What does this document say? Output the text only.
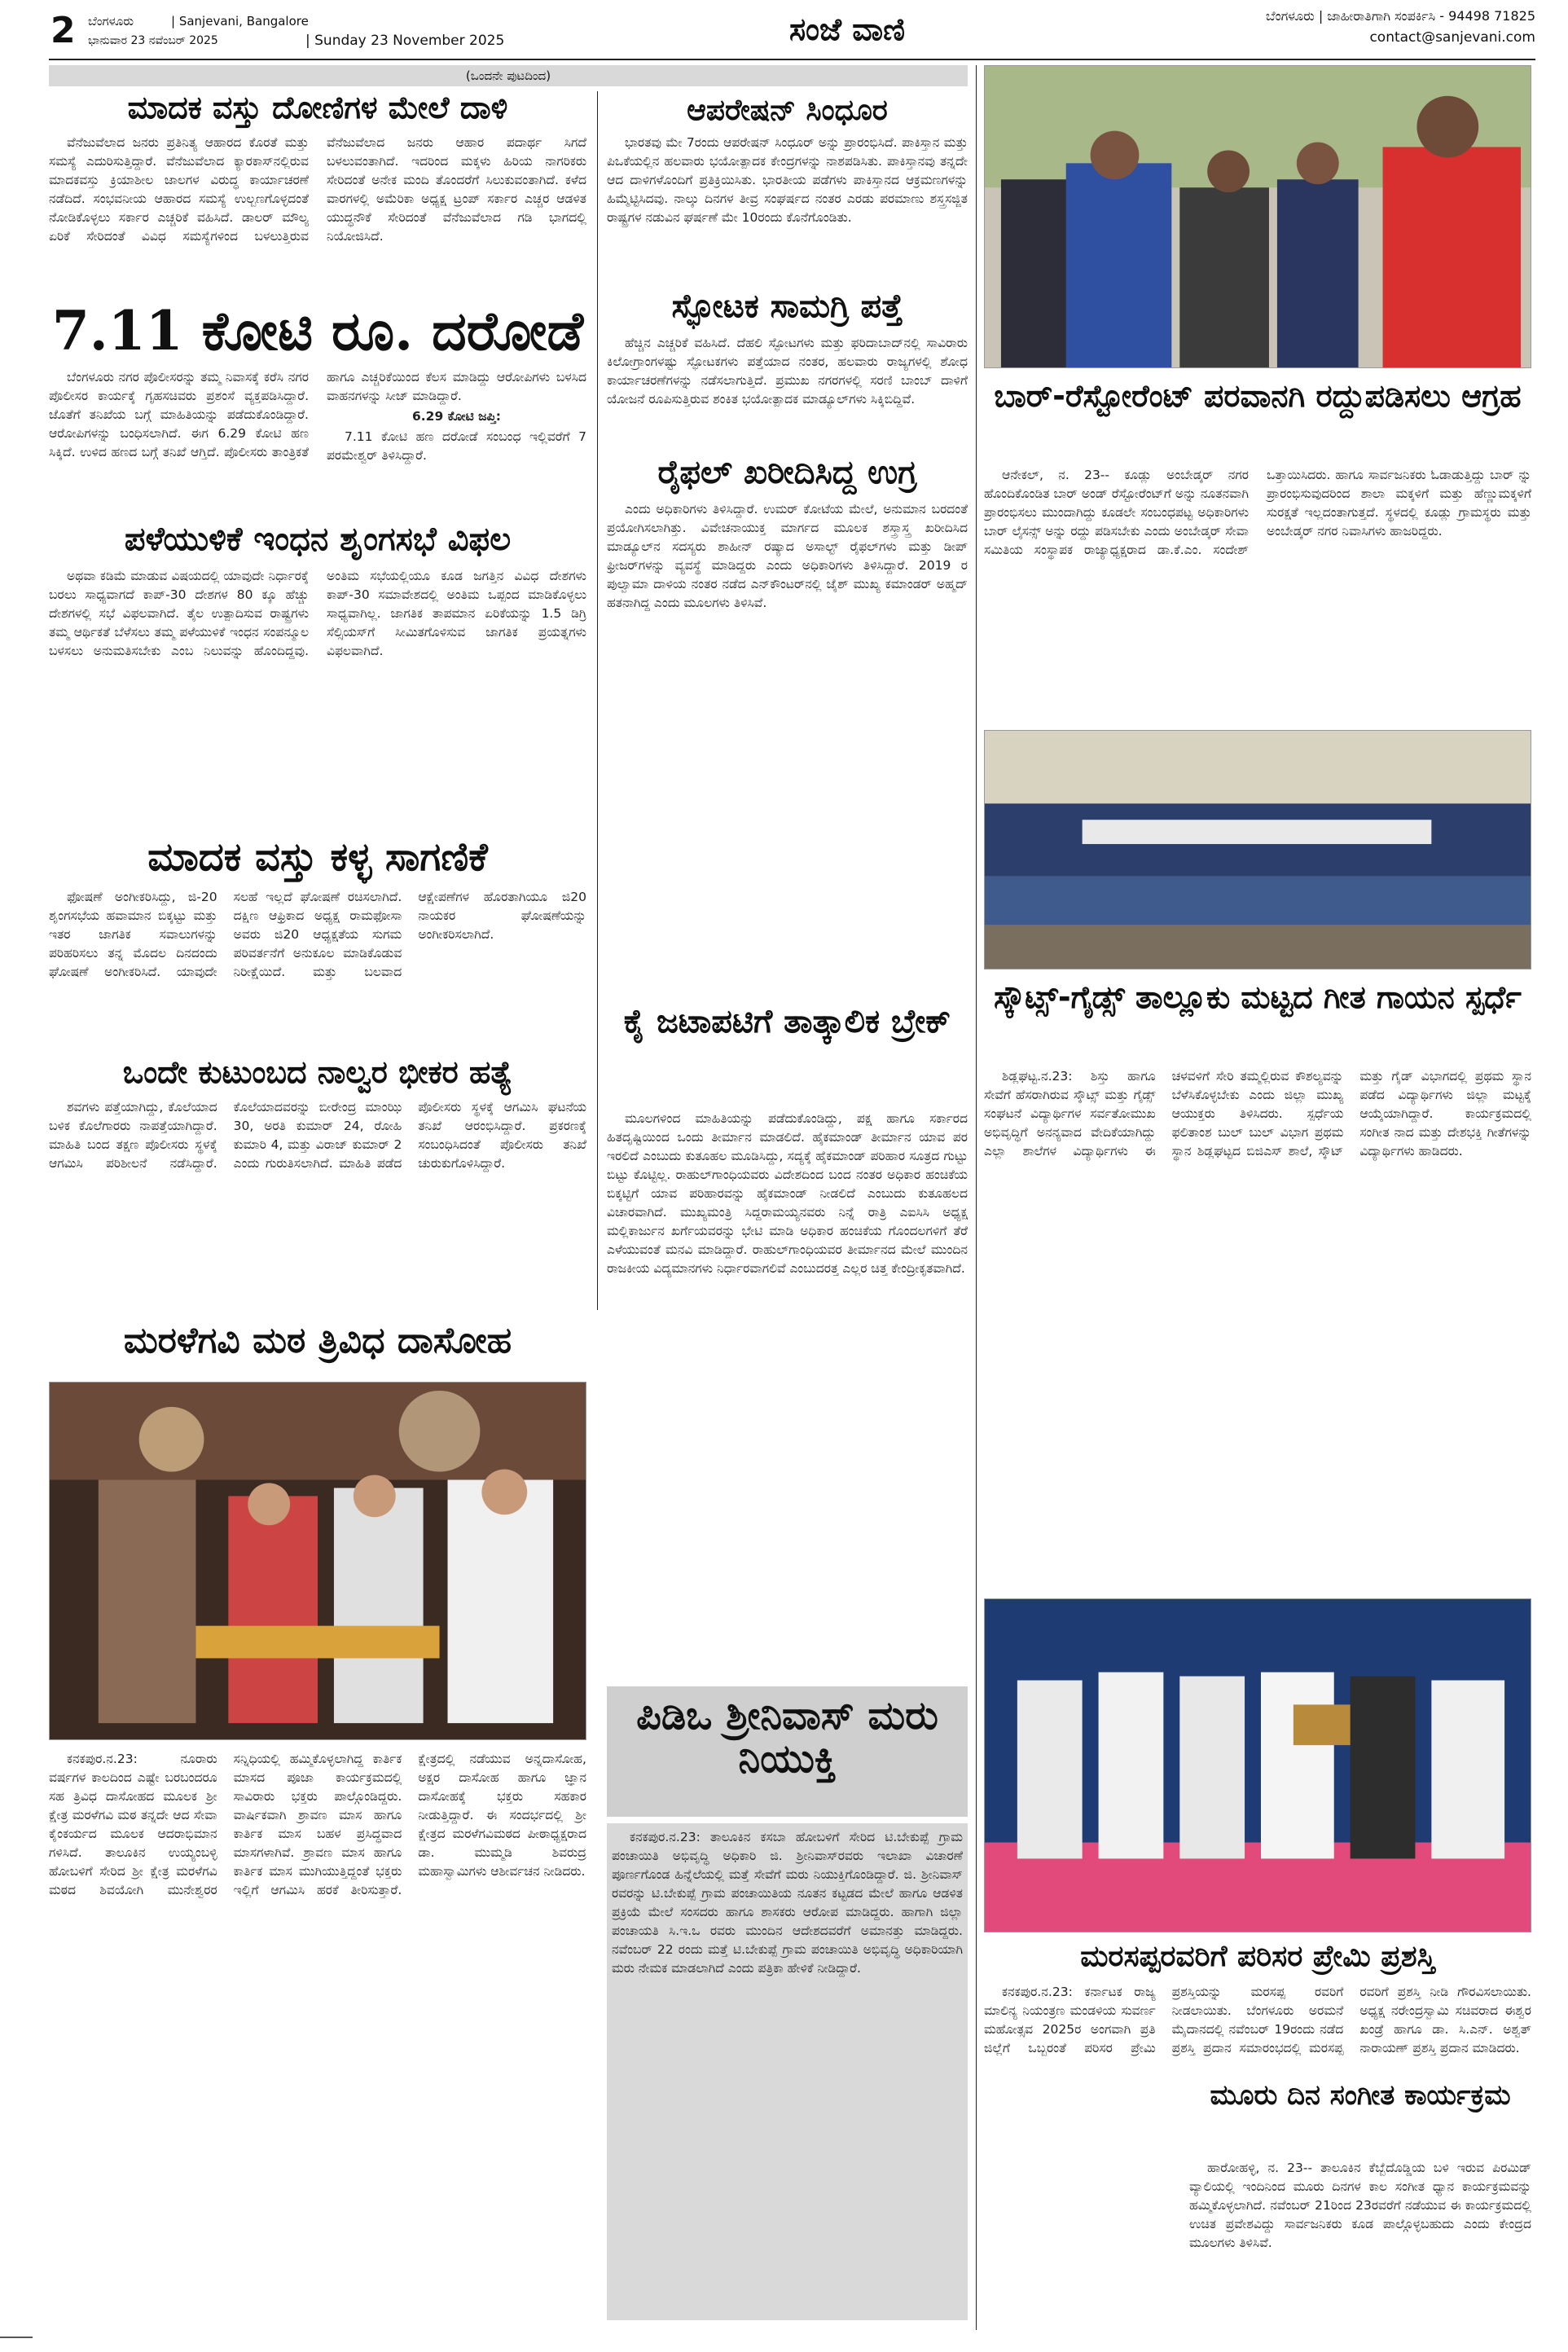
2 ಬೆಂಗಳೂರು	| Sanjevani, Bangalore
ಭಾನುವಾರ 23 ನವೆಂಬರ್ 2025	| Sunday 23 November 2025	ಸಂಜೆ ವಾಣಿ	ಬೆಂಗಳೂರು | ಜಾಹೀರಾತಿಗಾಗಿ ಸಂಪರ್ಕಿಸಿ - 94498 71825
contact@sanjevani.com
(ಒಂದನೇ ಪುಟದಿಂದ)
ಮಾದಕ ವಸ್ತು ದೋಣಿಗಳ ಮೇಲೆ ದಾಳಿ

ವೆನೆಜುವೆಲಾದ ಜನರು ಪ್ರತಿನಿತ್ಯ ಆಹಾರದ ಕೊರತೆ ಮತ್ತು ಸಮಸ್ಯೆ ಎದುರಿಸುತ್ತಿದ್ದಾರೆ. ವೆನೆಜುವೆಲಾದ ಕ್ಯಾರಕಾಸ್‌ನಲ್ಲಿರುವ ಮಾದಕವಸ್ತು ಕ್ರಿಯಾಶೀಲ ಜಾಲಗಳ ವಿರುದ್ಧ ಕಾರ್ಯಾಚರಣೆ ನಡೆದಿದೆ. ಸಂಭವನೀಯ ಆಹಾರದ ಸಮಸ್ಯೆ ಉಲ್ಬಣಗೊಳ್ಳದಂತೆ ನೋಡಿಕೊಳ್ಳಲು ಸರ್ಕಾರ ಎಚ್ಚರಿಕೆ ವಹಿಸಿದೆ. ಡಾಲರ್ ಮೌಲ್ಯ ಏರಿಕೆ ಸೇರಿದಂತೆ ವಿವಿಧ ಸಮಸ್ಯೆಗಳಿಂದ ಬಳಲುತ್ತಿರುವ ವೆನೆಜುವೆಲಾದ ಜನರು ಆಹಾರ ಪದಾರ್ಥ ಸಿಗದೆ ಬಳಲುವಂತಾಗಿದೆ. ಇದರಿಂದ ಮಕ್ಕಳು ಹಿರಿಯ ನಾಗರಿಕರು ಸೇರಿದಂತೆ ಅನೇಕ ಮಂದಿ ತೊಂದರೆಗೆ ಸಿಲುಕುವಂತಾಗಿದೆ. ಕಳೆದ ವಾರಗಳಲ್ಲಿ ಅಮೆರಿಕಾ ಅಧ್ಯಕ್ಷ ಟ್ರಂಪ್ ಸರ್ಕಾರ ಎಚ್ಚರ ಆಡಳಿತ ಯುದ್ಧನೌಕೆ ಸೇರಿದಂತೆ ವೆನೆಜುವೆಲಾದ ಗಡಿ ಭಾಗದಲ್ಲಿ ನಿಯೋಜಿಸಿದೆ.

7.11 ಕೋಟಿ ರೂ. ದರೋಡೆ

ಬೆಂಗಳೂರು ನಗರ ಪೊಲೀಸರನ್ನು ತಮ್ಮ ನಿವಾಸಕ್ಕೆ ಕರೆಸಿ ನಗರ ಪೊಲೀಸರ ಕಾರ್ಯಕ್ಕೆ ಗೃಹಸಚಿವರು ಪ್ರಶಂಸೆ ವ್ಯಕ್ತಪಡಿಸಿದ್ದಾರೆ. ಜೊತೆಗೆ ತನಿಖೆಯ ಬಗ್ಗೆ ಮಾಹಿತಿಯನ್ನು ಪಡೆದುಕೊಂಡಿದ್ದಾರೆ. ಆರೋಪಿಗಳನ್ನು ಬಂಧಿಸಲಾಗಿದೆ. ಈಗ 6.29 ಕೋಟಿ ಹಣ ಸಿಕ್ಕಿದೆ. ಉಳಿದ ಹಣದ ಬಗ್ಗೆ ತನಿಖೆ ಆಗ್ತಿದೆ. ಪೊಲೀಸರು ತಾಂತ್ರಿಕತೆ ಹಾಗೂ ಎಚ್ಚರಿಕೆಯಿಂದ ಕೆಲಸ ಮಾಡಿದ್ದು ಆರೋಪಿಗಳು ಬಳಸಿದ ವಾಹನಗಳನ್ನು ಸೀಜ್ ಮಾಡಿದ್ದಾರೆ.

6.29 ಕೋಟಿ ಜಪ್ತಿ:

7.11 ಕೋಟಿ ಹಣ ದರೋಡೆ ಸಂಬಂಧ ಇಲ್ಲಿವರೆಗೆ 7 ಪರಮೇಶ್ವರ್ ತಿಳಿಸಿದ್ದಾರೆ.

ಪಳೆಯುಳಿಕೆ ಇಂಧನ ಶೃಂಗಸಭೆ ವಿಫಲ

ಅಥವಾ ಕಡಿಮೆ ಮಾಡುವ ವಿಷಯದಲ್ಲಿ ಯಾವುದೇ ನಿರ್ಧಾರಕ್ಕೆ ಬರಲು ಸಾಧ್ಯವಾಗದೆ ಕಾಪ್-30 ದೇಶಗಳ 80 ಕ್ಕೂ ಹೆಚ್ಚು ದೇಶಗಳಲ್ಲಿ ಸಭೆ ವಿಫಲವಾಗಿದೆ. ತೈಲ ಉತ್ಪಾದಿಸುವ ರಾಷ್ಟ್ರಗಳು ತಮ್ಮ ಆರ್ಥಿಕತೆ ಬೆಳೆಸಲು ತಮ್ಮ ಪಳೆಯುಳಿಕೆ ಇಂಧನ ಸಂಪನ್ಮೂಲ ಬಳಸಲು ಅನುಮತಿಸಬೇಕು ಎಂಬ ನಿಲುವನ್ನು ಹೊಂದಿದ್ದವು. ಅಂತಿಮ ಸಭೆಯಲ್ಲಿಯೂ ಕೂಡ ಜಗತ್ತಿನ ವಿವಿಧ ದೇಶಗಳು ಕಾಪ್-30 ಸಮಾವೇಶದಲ್ಲಿ ಅಂತಿಮ ಒಪ್ಪಂದ ಮಾಡಿಕೊಳ್ಳಲು ಸಾಧ್ಯವಾಗಿಲ್ಲ. ಜಾಗತಿಕ ತಾಪಮಾನ ಏರಿಕೆಯನ್ನು 1.5 ಡಿಗ್ರಿ ಸೆಲ್ಸಿಯಸ್‌ಗೆ ಸೀಮಿತಗೊಳಿಸುವ ಜಾಗತಿಕ ಪ್ರಯತ್ನಗಳು ವಿಫಲವಾಗಿದೆ.

ಮಾದಕ ವಸ್ತು ಕಳ್ಳ ಸಾಗಣಿಕೆ

ಫೋಷಣೆ ಅಂಗೀಕರಿಸಿದ್ದು, ಜಿ-20 ಶೃಂಗಸಭೆಯ ಹವಾಮಾನ ಬಿಕ್ಕಟ್ಟು ಮತ್ತು ಇತರ ಜಾಗತಿಕ ಸವಾಲುಗಳನ್ನು ಪರಿಹರಿಸಲು ತನ್ನ ಮೊದಲ ದಿನದಂದು ಘೋಷಣೆ ಅಂಗೀಕರಿಸಿದೆ. ಯಾವುದೇ ಸಲಹೆ ಇಲ್ಲದೆ ಘೋಷಣೆ ರಚಿಸಲಾಗಿದೆ. ದಕ್ಷಿಣ ಆಫ್ರಿಕಾದ ಅಧ್ಯಕ್ಷ ರಾಮಫೋಸಾ ಅವರು ಜಿ20 ಆಧ್ಯಕ್ಷತೆಯ ಸುಗಮ ಪರಿವರ್ತನೆಗೆ ಅನುಕೂಲ ಮಾಡಿಕೊಡುವ ನಿರೀಕ್ಷೆಯಿದೆ. ಮತ್ತು ಬಲವಾದ ಆಕ್ಷೇಪಣೆಗಳ ಹೊರತಾಗಿಯೂ ಜಿ20 ನಾಯಕರ ಘೋಷಣೆಯನ್ನು ಅಂಗೀಕರಿಸಲಾಗಿದೆ.

ಒಂದೇ ಕುಟುಂಬದ ನಾಲ್ವರ ಭೀಕರ ಹತ್ಯೆ

ಶವಗಳು ಪತ್ತೆಯಾಗಿದ್ದು, ಕೊಲೆಯಾದ ಬಳಿಕ ಕೊಲೆಗಾರರು ನಾಪತ್ತೆಯಾಗಿದ್ದಾರೆ. ಮಾಹಿತಿ ಬಂದ ತಕ್ಷಣ ಪೊಲೀಸರು ಸ್ಥಳಕ್ಕೆ ಆಗಮಿಸಿ ಪರಿಶೀಲನೆ ನಡೆಸಿದ್ದಾರೆ. ಕೊಲೆಯಾದವರನ್ನು ಬೀರೇಂದ್ರ ಮಾಂಝಿ 30, ಅರತಿ ಕುಮಾರ್ 24, ರೋಹಿ ಕುಮಾರಿ 4, ಮತ್ತು ವಿರಾಜ್ ಕುಮಾರ್ 2 ಎಂದು ಗುರುತಿಸಲಾಗಿದೆ. ಮಾಹಿತಿ ಪಡೆದ ಪೊಲೀಸರು ಸ್ಥಳಕ್ಕೆ ಆಗಮಿಸಿ ಘಟನೆಯ ತನಿಖೆ ಆರಂಭಿಸಿದ್ದಾರೆ. ಪ್ರಕರಣಕ್ಕೆ ಸಂಬಂಧಿಸಿದಂತೆ ಪೊಲೀಸರು ತನಿಖೆ ಚುರುಕುಗೊಳಿಸಿದ್ದಾರೆ.

ಆಪರೇಷನ್ ಸಿಂಧೂರ

ಭಾರತವು ಮೇ 7ರಂದು ಆಪರೇಷನ್ ಸಿಂಧೂರ್ ಅನ್ನು ಪ್ರಾರಂಭಿಸಿದೆ. ಪಾಕಿಸ್ತಾನ ಮತ್ತು ಪಿಒಕೆಯಲ್ಲಿನ ಹಲವಾರು ಭಯೋತ್ಪಾದಕ ಕೇಂದ್ರಗಳನ್ನು ನಾಶಪಡಿಸಿತು. ಪಾಕಿಸ್ತಾನವು ತನ್ನದೇ ಆದ ದಾಳಿಗಳೊಂದಿಗೆ ಪ್ರತಿಕ್ರಿಯಿಸಿತು. ಭಾರತೀಯ ಪಡೆಗಳು ಪಾಕಿಸ್ತಾನದ ಆಕ್ರಮಣಗಳನ್ನು ಹಿಮ್ಮೆಟ್ಟಿಸಿದವು. ನಾಲ್ಕು ದಿನಗಳ ತೀವ್ರ ಸಂಘರ್ಷದ ನಂತರ ಎರಡು ಪರಮಾಣು ಶಸ್ತ್ರಸಜ್ಜಿತ ರಾಷ್ಟ್ರಗಳ ನಡುವಿನ ಘರ್ಷಣೆ ಮೇ 10ರಂದು ಕೊನೆಗೊಂಡಿತು.

ಸ್ಫೋಟಕ ಸಾಮಗ್ರಿ ಪತ್ತೆ

ಹೆಚ್ಚಿನ ಎಚ್ಚರಿಕೆ ವಹಿಸಿದೆ. ದೆಹಲಿ ಸ್ಫೋಟಗಳು ಮತ್ತು ಫರಿದಾಬಾದ್‌ನಲ್ಲಿ ಸಾವಿರಾರು ಕಿಲೋಗ್ರಾಂಗಳಷ್ಟು ಸ್ಫೋಟಕಗಳು ಪತ್ತೆಯಾದ ನಂತರ, ಹಲವಾರು ರಾಜ್ಯಗಳಲ್ಲಿ ಶೋಧ ಕಾರ್ಯಾಚರಣೆಗಳನ್ನು ನಡೆಸಲಾಗುತ್ತಿದೆ. ಪ್ರಮುಖ ನಗರಗಳಲ್ಲಿ ಸರಣಿ ಬಾಂಬ್ ದಾಳಿಗೆ ಯೋಜನೆ ರೂಪಿಸುತ್ತಿರುವ ಶಂಕಿತ ಭಯೋತ್ಪಾದಕ ಮಾಡ್ಯೂಲ್‌ಗಳು ಸಿಕ್ಕಿಬಿದ್ದಿವೆ.

ರೈಫಲ್ ಖರೀದಿಸಿದ್ದ ಉಗ್ರ

ಎಂದು ಅಧಿಕಾರಿಗಳು ತಿಳಿಸಿದ್ದಾರೆ. ಉಮರ್ ಕೋಟೆಯ ಮೇಲೆ, ಅನುಮಾನ ಬರದಂತೆ ಪ್ರಯೋಗಿಸಲಾಗಿತ್ತು. ವಿವೇಚನಾಯುಕ್ತ ಮಾರ್ಗದ ಮೂಲಕ ಶಸ್ತ್ರಾಸ್ತ್ರ ಖರೀದಿಸಿದ ಮಾಡ್ಯೂಲ್‌ನ ಸದಸ್ಯರು ಶಾಹೀನ್ ರಷ್ಯಾದ ಅಸಾಲ್ಟ್ ರೈಫಲ್‌ಗಳು ಮತ್ತು ಡೀಪ್ ಫ್ರೀಜರ್‌ಗಳನ್ನು ವ್ಯವಸ್ಥೆ ಮಾಡಿದ್ದರು ಎಂದು ಅಧಿಕಾರಿಗಳು ತಿಳಿಸಿದ್ದಾರೆ. 2019 ರ ಪುಲ್ವಾಮಾ ದಾಳಿಯ ನಂತರ ನಡೆದ ಎನ್‌ಕೌಂಟರ್‌ನಲ್ಲಿ ಜೈಶ್ ಮುಖ್ಯ ಕಮಾಂಡರ್ ಅಹ್ಮದ್ ಹತನಾಗಿದ್ದ ಎಂದು ಮೂಲಗಳು ತಿಳಿಸಿವೆ.

ಕೈ ಜಟಾಪಟಿಗೆ ತಾತ್ಕಾಲಿಕ ಬ್ರೇಕ್

ಮೂಲಗಳಿಂದ ಮಾಹಿತಿಯನ್ನು ಪಡೆದುಕೊಂಡಿದ್ದು, ಪಕ್ಷ ಹಾಗೂ ಸರ್ಕಾರದ ಹಿತದೃಷ್ಟಿಯಿಂದ ಒಂದು ತೀರ್ಮಾನ ಮಾಡಲಿದೆ. ಹೈಕಮಾಂಡ್ ತೀರ್ಮಾನ ಯಾವ ಪರ ಇರಲಿದೆ ಎಂಬುದು ಕುತೂಹಲ ಮೂಡಿಸಿದ್ದು, ಸದ್ಯಕ್ಕೆ ಹೈಕಮಾಂಡ್ ಪರಿಹಾರ ಸೂತ್ರದ ಗುಟ್ಟು ಬಿಟ್ಟು ಕೊಟ್ಟಿಲ್ಲ. ರಾಹುಲ್‌ಗಾಂಧಿಯವರು ವಿದೇಶದಿಂದ ಬಂದ ನಂತರ ಅಧಿಕಾರ ಹಂಚಿಕೆಯ ಬಿಕ್ಕಟ್ಟಿಗೆ ಯಾವ ಪರಿಹಾರವನ್ನು ಹೈಕಮಾಂಡ್ ನೀಡಲಿದೆ ಎಂಬುದು ಕುತೂಹಲದ ವಿಚಾರವಾಗಿದೆ. ಮುಖ್ಯಮಂತ್ರಿ ಸಿದ್ದರಾಮಯ್ಯನವರು ನಿನ್ನೆ ರಾತ್ರಿ ಎಐಸಿಸಿ ಅಧ್ಯಕ್ಷ ಮಲ್ಲಿಕಾರ್ಜುನ ಖರ್ಗೆಯವರನ್ನು ಭೇಟಿ ಮಾಡಿ ಅಧಿಕಾರ ಹಂಚಿಕೆಯ ಗೊಂದಲಗಳಿಗೆ ತೆರೆ ಎಳೆಯುವಂತೆ ಮನವಿ ಮಾಡಿದ್ದಾರೆ. ರಾಹುಲ್‌ಗಾಂಧಿಯವರ ತೀರ್ಮಾನದ ಮೇಲೆ ಮುಂದಿನ ರಾಜಕೀಯ ವಿದ್ಯಮಾನಗಳು ನಿರ್ಧಾರವಾಗಲಿವೆ ಎಂಬುದರತ್ತ ಎಲ್ಲರ ಚಿತ್ತ ಕೇಂದ್ರೀಕೃತವಾಗಿದೆ.

ಮರಳೆಗವಿ ಮಠ ತ್ರಿವಿಧ ದಾಸೋಹ

ಕನಕಪುರ.ನ.23: ನೂರಾರು ವರ್ಷಗಳ ಕಾಲದಿಂದ ಎಷ್ಟೇ ಬರಬಂದರೂ ಸಹ ತ್ರಿವಿಧ ದಾಸೋಹದ ಮೂಲಕ ಶ್ರೀ ಕ್ಷೇತ್ರ ಮರಳೆಗವಿ ಮಠ ತನ್ನದೇ ಆದ ಸೇವಾ ಕೈಂಕರ್ಯದ ಮೂಲಕ ಆದರಾಭಿಮಾನ ಗಳಿಸಿದೆ. ತಾಲೂಕಿನ ಉಯ್ಯಂಬಳ್ಳಿ ಹೋಬಳಿಗೆ ಸೇರಿದ ಶ್ರೀ ಕ್ಷೇತ್ರ ಮರಳೆಗವಿ ಮಠದ ಶಿವಯೋಗಿ ಮುನೇಶ್ವರರ ಸನ್ನಿಧಿಯಲ್ಲಿ ಹಮ್ಮಿಕೊಳ್ಳಲಾಗಿದ್ದ ಕಾರ್ತಿಕ ಮಾಸದ ಪೂಜಾ ಕಾರ್ಯಕ್ರಮದಲ್ಲಿ ಸಾವಿರಾರು ಭಕ್ತರು ಪಾಲ್ಗೊಂಡಿದ್ದರು. ವಾರ್ಷಿಕವಾಗಿ ಶ್ರಾವಣ ಮಾಸ ಹಾಗೂ ಕಾರ್ತಿಕ ಮಾಸ ಬಹಳ ಪ್ರಸಿದ್ಧವಾದ ಮಾಸಗಳಾಗಿವೆ. ಶ್ರಾವಣ ಮಾಸ ಹಾಗೂ ಕಾರ್ತಿಕ ಮಾಸ ಮುಗಿಯುತ್ತಿದ್ದಂತೆ ಭಕ್ತರು ಇಲ್ಲಿಗೆ ಆಗಮಿಸಿ ಹರಕೆ ತೀರಿಸುತ್ತಾರೆ. ಕ್ಷೇತ್ರದಲ್ಲಿ ನಡೆಯುವ ಅನ್ನದಾಸೋಹ, ಅಕ್ಷರ ದಾಸೋಹ ಹಾಗೂ ಜ್ಞಾನ ದಾಸೋಹಕ್ಕೆ ಭಕ್ತರು ಸಹಕಾರ ನೀಡುತ್ತಿದ್ದಾರೆ. ಈ ಸಂದರ್ಭದಲ್ಲಿ ಶ್ರೀ ಕ್ಷೇತ್ರದ ಮರಳೆಗವಿಮಠದ ಪೀಠಾಧ್ಯಕ್ಷರಾದ ಡಾ. ಮುಮ್ಮಡಿ ಶಿವರುದ್ರ ಮಹಾಸ್ವಾಮಿಗಳು ಆಶೀರ್ವಚನ ನೀಡಿದರು.

ಪಿಡಿಒ ಶ್ರೀನಿವಾಸ್ ಮರು ನಿಯುಕ್ತಿ

ಕನಕಪುರ.ನ.23: ತಾಲೂಕಿನ ಕಸಬಾ ಹೋಬಳಿಗೆ ಸೇರಿದ ಟಿ.ಬೇಕುಪ್ಪೆ ಗ್ರಾಮ ಪಂಚಾಯಿತಿ ಅಭಿವೃದ್ಧಿ ಅಧಿಕಾರಿ ಜಿ. ಶ್ರೀನಿವಾಸ್‌ರವರು ಇಲಾಖಾ ವಿಚಾರಣೆ ಪೂರ್ಣಗೊಂಡ ಹಿನ್ನೆಲೆಯಲ್ಲಿ ಮತ್ತೆ ಸೇವೆಗೆ ಮರು ನಿಯುಕ್ತಿಗೊಂಡಿದ್ದಾರೆ. ಜಿ. ಶ್ರೀನಿವಾಸ್ ರವರನ್ನು ಟಿ.ಬೇಕುಪ್ಪೆ ಗ್ರಾಮ ಪಂಚಾಯಿತಿಯ ನೂತನ ಕಟ್ಟಡದ ಮೇಲೆ ಹಾಗೂ ಆಡಳಿತ ಪ್ರಕ್ರಿಯೆ ಮೇಲೆ ಸಂಸದರು ಹಾಗೂ ಶಾಸಕರು ಆರೋಪ ಮಾಡಿದ್ದರು. ಹಾಗಾಗಿ ಜಿಲ್ಲಾ ಪಂಚಾಯತಿ ಸಿ.ಇ.ಒ ರವರು ಮುಂದಿನ ಆದೇಶದವರೆಗೆ ಅಮಾನತ್ತು ಮಾಡಿದ್ದರು. ನವೆಂಬರ್ 22 ರಂದು ಮತ್ತೆ ಟಿ.ಬೇಕುಪ್ಪೆ ಗ್ರಾಮ ಪಂಚಾಯಿತಿ ಅಭಿವೃದ್ಧಿ ಅಧಿಕಾರಿಯಾಗಿ ಮರು ನೇಮಕ ಮಾಡಲಾಗಿದೆ ಎಂದು ಪತ್ರಿಕಾ ಹೇಳಿಕೆ ನೀಡಿದ್ದಾರೆ.

ಬಾರ್-ರೆಸ್ಟೋರೆಂಟ್ ಪರವಾನಗಿ ರದ್ದುಪಡಿಸಲು ಆಗ್ರಹ

ಆನೇಕಲ್, ನ. 23-- ಕೂಡ್ಲು ಅಂಬೇಡ್ಕರ್ ನಗರ ಹೊಂದಿಕೊಂಡಿತ ಬಾರ್ ಅಂಡ್ ರೆಸ್ಟೋರೆಂಟ್‌ಗೆ ಅನ್ನು ನೂತನವಾಗಿ ಪ್ರಾರಂಭಿಸಲು ಮುಂದಾಗಿದ್ದು ಕೂಡಲೇ ಸಂಬಂಧಪಟ್ಟ ಅಧಿಕಾರಿಗಳು ಬಾರ್ ಲೈಸನ್ಸ್ ಅನ್ನು ರದ್ದು ಪಡಿಸಬೇಕು ಎಂದು ಅಂಬೇಡ್ಕರ್ ಸೇವಾ ಸಮಿತಿಯ ಸಂಸ್ಥಾಪಕ ರಾಜ್ಯಾಧ್ಯಕ್ಷರಾದ ಡಾ.ಕೆ.ಎಂ. ಸಂದೇಶ್ ಒತ್ತಾಯಿಸಿದರು. ಹಾಗೂ ಸಾರ್ವಜನಿಕರು ಓಡಾಡುತ್ತಿದ್ದು ಬಾರ್ ನ್ನು ಪ್ರಾರಂಭಿಸುವುದರಿಂದ ಶಾಲಾ ಮಕ್ಕಳಿಗೆ ಮತ್ತು ಹೆಣ್ಣುಮಕ್ಕಳಿಗೆ ಸುರಕ್ಷತೆ ಇಲ್ಲದಂತಾಗುತ್ತದೆ. ಸ್ಥಳದಲ್ಲಿ ಕೂಡ್ಲು ಗ್ರಾಮಸ್ಥರು ಮತ್ತು ಅಂಬೇಡ್ಕರ್ ನಗರ ನಿವಾಸಿಗಳು ಹಾಜರಿದ್ದರು.

ಸ್ಕೌಟ್ಸ್-ಗೈಡ್ಸ್ ತಾಲ್ಲೂಕು ಮಟ್ಟದ ಗೀತ ಗಾಯನ ಸ್ಪರ್ಧೆ

ಶಿಡ್ಲಘಟ್ಟ.ನ.23: ಶಿಸ್ತು ಹಾಗೂ ಸೇವೆಗೆ ಹೆಸರಾಗಿರುವ ಸ್ಕೌಟ್ಸ್ ಮತ್ತು ಗೈಡ್ಸ್ ಸಂಘಟನೆ ವಿದ್ಯಾರ್ಥಿಗಳ ಸರ್ವತೋಮುಖ ಅಭಿವೃದ್ಧಿಗೆ ಅನನ್ಯವಾದ ವೇದಿಕೆಯಾಗಿದ್ದು ಎಲ್ಲಾ ಶಾಲೆಗಳ ವಿದ್ಯಾರ್ಥಿಗಳು ಈ ಚಳವಳಿಗೆ ಸೇರಿ ತಮ್ಮಲ್ಲಿರುವ ಕೌಶಲ್ಯವನ್ನು ಬೆಳೆಸಿಕೊಳ್ಳಬೇಕು ಎಂದು ಜಿಲ್ಲಾ ಮುಖ್ಯ ಆಯುಕ್ತರು ತಿಳಿಸಿದರು. ಸ್ಪರ್ಧೆಯ ಫಲಿತಾಂಶ ಬುಲ್ ಬುಲ್ ವಿಭಾಗ ಪ್ರಥಮ ಸ್ಥಾನ ಶಿಡ್ಲಘಟ್ಟದ ಬಿಜಿಎಸ್ ಶಾಲೆ, ಸ್ಕೌಟ್ ಮತ್ತು ಗೈಡ್ ವಿಭಾಗದಲ್ಲಿ ಪ್ರಥಮ ಸ್ಥಾನ ಪಡೆದ ವಿದ್ಯಾರ್ಥಿಗಳು ಜಿಲ್ಲಾ ಮಟ್ಟಕ್ಕೆ ಆಯ್ಕೆಯಾಗಿದ್ದಾರೆ. ಕಾರ್ಯಕ್ರಮದಲ್ಲಿ ಸಂಗೀತ ನಾದ ಮತ್ತು ದೇಶಭಕ್ತಿ ಗೀತೆಗಳನ್ನು ವಿದ್ಯಾರ್ಥಿಗಳು ಹಾಡಿದರು.

ಮರಸಪ್ಪರವರಿಗೆ ಪರಿಸರ ಪ್ರೇಮಿ ಪ್ರಶಸ್ತಿ

ಕನಕಪುರ.ನ.23: ಕರ್ನಾಟಕ ರಾಜ್ಯ ಮಾಲಿನ್ಯ ನಿಯಂತ್ರಣ ಮಂಡಳಿಯ ಸುವರ್ಣ ಮಹೋತ್ಸವ 2025ರ ಅಂಗವಾಗಿ ಪ್ರತಿ ಜಿಲ್ಲೆಗೆ ಒಬ್ಬರಂತೆ ಪರಿಸರ ಪ್ರೇಮಿ ಪ್ರಶಸ್ತಿಯನ್ನು ಮರಸಪ್ಪ ರವರಿಗೆ ನೀಡಲಾಯಿತು. ಬೆಂಗಳೂರು ಅರಮನೆ ಮೈದಾನದಲ್ಲಿ ನವೆಂಬರ್ 19ರಂದು ನಡೆದ ಪ್ರಶಸ್ತಿ ಪ್ರದಾನ ಸಮಾರಂಭದಲ್ಲಿ ಮರಸಪ್ಪ ರವರಿಗೆ ಪ್ರಶಸ್ತಿ ನೀಡಿ ಗೌರವಿಸಲಾಯಿತು. ಅಧ್ಯಕ್ಷ ನರೇಂದ್ರಸ್ವಾಮಿ ಸಚಿವರಾದ ಈಶ್ವರ ಖಂಡ್ರೆ ಹಾಗೂ ಡಾ. ಸಿ.ಎನ್. ಅಶ್ವತ್ ನಾರಾಯಣ್ ಪ್ರಶಸ್ತಿ ಪ್ರದಾನ ಮಾಡಿದರು.

ಮೂರು ದಿನ ಸಂಗೀತ ಕಾರ್ಯಕ್ರಮ

ಹಾರೋಹಳ್ಳಿ, ನ. 23-- ತಾಲೂಕಿನ ಕೆಬ್ಬೆದೊಡ್ಡಿಯ ಬಳಿ ಇರುವ ಪಿರಮಿಡ್ ವ್ಯಾಲಿಯಲ್ಲಿ ಇಂದಿನಿಂದ ಮೂರು ದಿನಗಳ ಕಾಲ ಸಂಗೀತ ಧ್ಯಾನ ಕಾರ್ಯಕ್ರಮವನ್ನು ಹಮ್ಮಿಕೊಳ್ಳಲಾಗಿದೆ. ನವೆಂಬರ್ 21ರಿಂದ 23ರವರೆಗೆ ನಡೆಯುವ ಈ ಕಾರ್ಯಕ್ರಮದಲ್ಲಿ ಉಚಿತ ಪ್ರವೇಶವಿದ್ದು ಸಾರ್ವಜನಿಕರು ಕೂಡ ಪಾಲ್ಗೊಳ್ಳಬಹುದು ಎಂದು ಕೇಂದ್ರದ ಮೂಲಗಳು ತಿಳಿಸಿವೆ.
